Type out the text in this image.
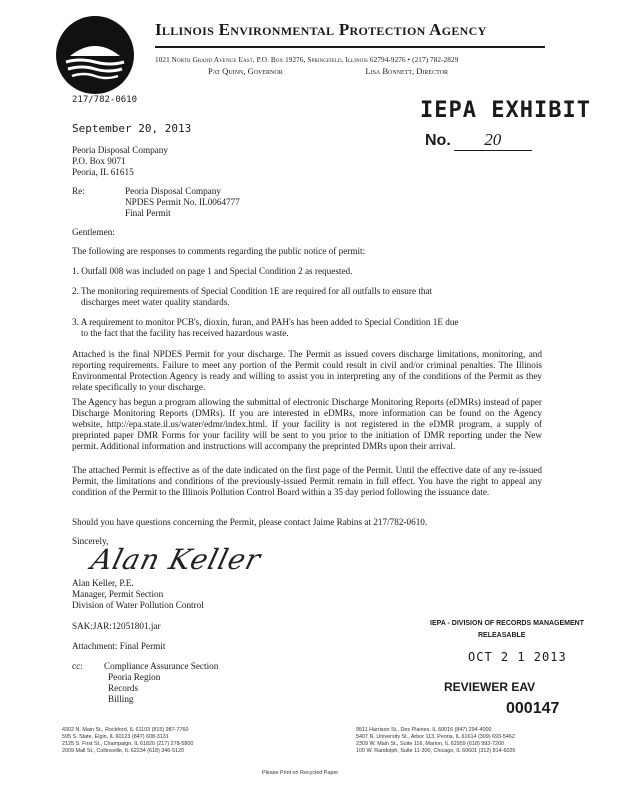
Illinois Environmental Protection Agency
1021 North Grand Avenue East, P.O. Box 19276, Springfield, Illinois 62794-9276 • (217) 782-2829
Pat Quinn, Governor	Lisa Bonnett, Director
IEPA EXHIBIT
No. 20
217/782-0610
September 20, 2013
Peoria Disposal Company
P.O. Box 9071
Peoria, IL 61615
Re:	Peoria Disposal Company
NPDES Permit No. IL0064777
Final Permit
Gentlemen:
The following are responses to comments regarding the public notice of permit:
1. Outfall 008 was included on page 1 and Special Condition 2 as requested.
2. The monitoring requirements of Special Condition 1E are required for all outfalls to ensure that
discharges meet water quality standards.
3. A requirement to monitor PCB's, dioxin, furan, and PAH's has been added to Special Condition 1E due
to the fact that the facility has received hazardous waste.
Attached is the final NPDES Permit for your discharge. The Permit as issued covers discharge limitations, monitoring, and reporting requirements. Failure to meet any portion of the Permit could result in civil and/or criminal penalties. The Illinois Environmental Protection Agency is ready and willing to assist you in interpreting any of the conditions of the Permit as they relate specifically to your discharge.
The Agency has begun a program allowing the submittal of electronic Discharge Monitoring Reports (eDMRs) instead of paper Discharge Monitoring Reports (DMRs). If you are interested in eDMRs, more information can be found on the Agency website, http://epa.state.il.us/water/edmr/index.html. If your facility is not registered in the eDMR program, a supply of preprinted paper DMR Forms for your facility will be sent to you prior to the initiation of DMR reporting under the New permit. Additional information and instructions will accompany the preprinted DMRs upon their arrival.
The attached Permit is effective as of the date indicated on the first page of the Permit. Until the effective date of any re-issued Permit, the limitations and conditions of the previously-issued Permit remain in full effect. You have the right to appeal any condition of the Permit to the Illinois Pollution Control Board within a 35 day period following the issuance date.
Should you have questions concerning the Permit, please contact Jaime Rabins at 217/782-0610.
Sincerely,
Alan Keller
Alan Keller, P.E.
Manager, Permit Section
Division of Water Pollution Control
SAK:JAR:12051801.jar
Attachment: Final Permit
cc: Compliance Assurance Section
Peoria Region
Records
Billing
IEPA - DIVISION OF RECORDS MANAGEMENT
RELEASABLE
OCT 2 1 2013
REVIEWER EAV
000147
4302 N. Main St., Rockford, IL 61103 (815) 987-7760
595 S. State, Elgin, IL 60123 (847) 608-3131
2125 S. First St., Champaign, IL 61820 (217) 278-5800
2009 Mall St., Collinsville, IL 62234 (618) 346-5120
9511 Harrison St., Des Plaines, IL 60016 (847) 294-4000
5407 N. University St., Arbor 113, Peoria, IL 61614 (309) 693-5462
2309 W. Main St., Suite 116, Marion, IL 62959 (618) 993-7200
100 W. Randolph, Suite 11-300, Chicago, IL 60601 (312) 814-6026
Please Print on Recycled Paper
